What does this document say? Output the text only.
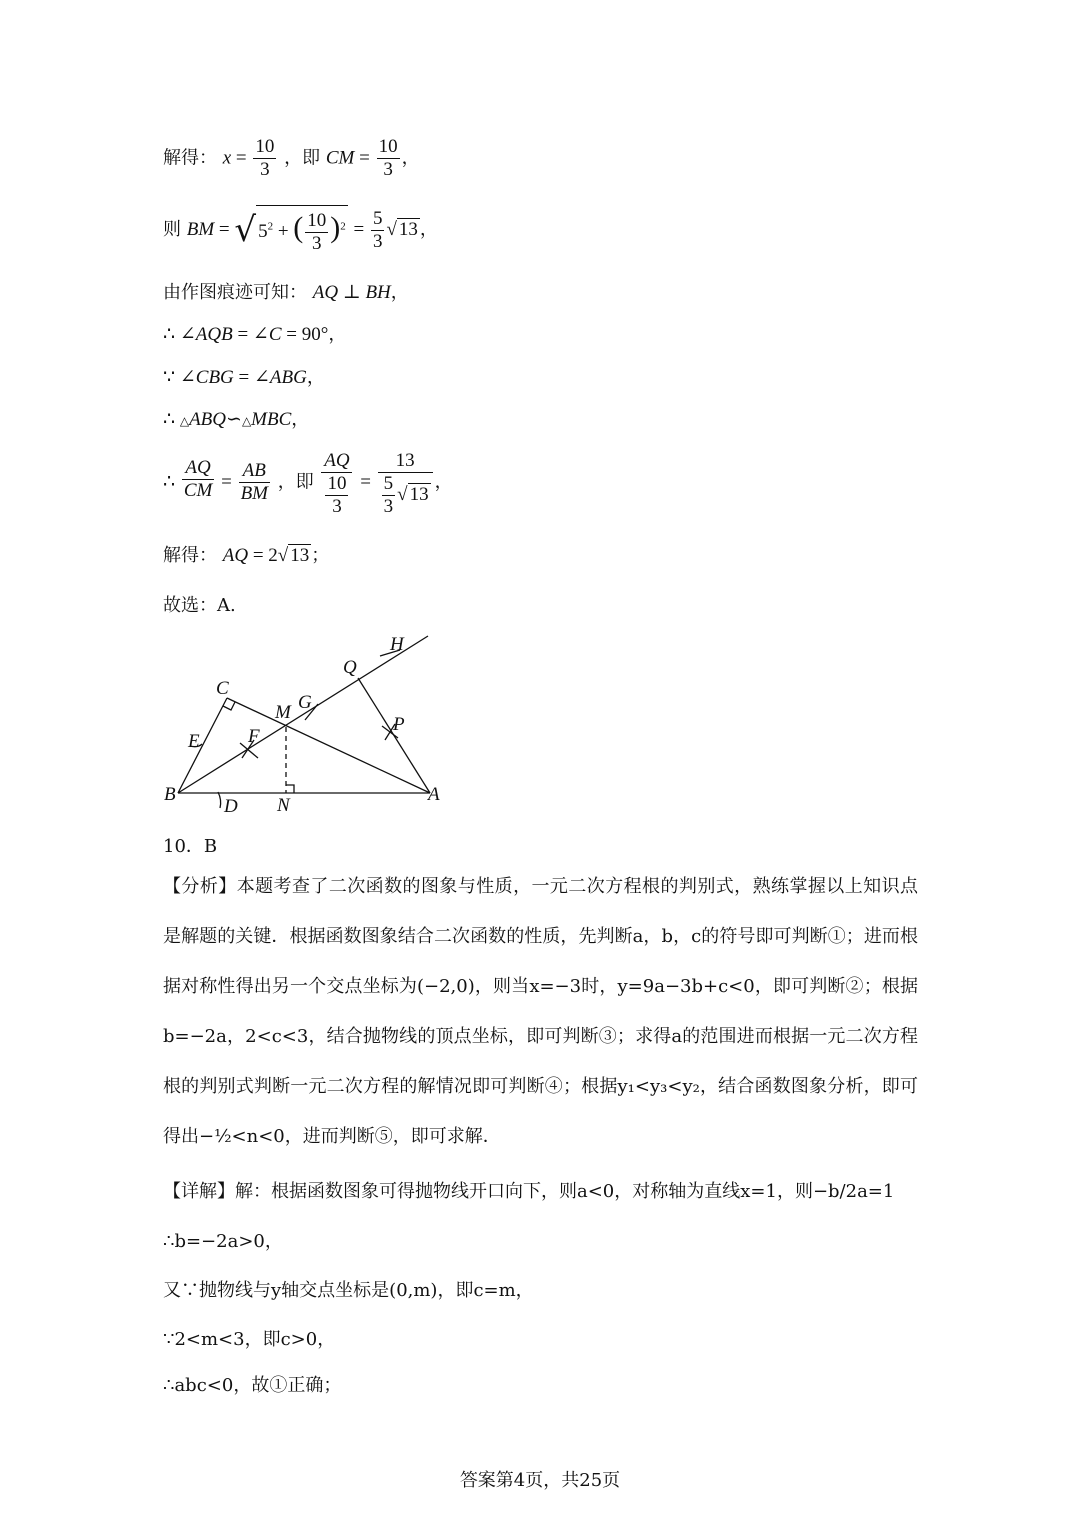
解得： $x = \frac{10}{3}$ ，即 CM = $\frac{10}{3}$ ，
则 BM = √ $5^2$ + ( $\frac{10}{3} )^2 = \frac{5}{3}$ √ 13 ，
由作图痕迹可知： AQ ⊥ BH，
∴ ∠AQB = ∠C = 90°，
∵ ∠CBG = ∠ABG，
∴ △ABQ∽△MBC，
∴ $\frac{AQ}{CM} = \frac{AB}{BM}$ ，即 $\frac{AQ}{\frac{10}{3}} = \frac{13}{\frac{5}{3} √ 13}$ ，
解得： AQ = 2√ 13 ；
故选：A.
B
D N
A
C
E	F
M G
Q
H
P
10．B
【分析】本题考查了二次函数的图象与性质，一元二次方程根的判别式，熟练掌握以上知识点是解题的关键．根据函数图象结合二次函数的性质，先判断a，b，c的符号即可判断①；进而根据对称性得出另一个交点坐标为(−2,0)，则当x=−3时，y=9a−3b+c<0，即可判断②；根据b=−2a，2<c<3，结合抛物线的顶点坐标，即可判断③；求得a的范围进而根据一元二次方程根的判别式判断一元二次方程的解情况即可判断④；根据y₁<y₃<y₂，结合函数图象分析，即可得出−½<n<0，进而判断⑤，即可求解．
【详解】解：根据函数图象可得抛物线开口向下，则a<0，对称轴为直线x=1，则−b/2a=1
∴b=−2a>0，
又∵抛物线与y轴交点坐标是(0,m)，即c=m，
∵2<m<3，即c>0，
∴abc<0，故①正确；
答案第4页，共25页
